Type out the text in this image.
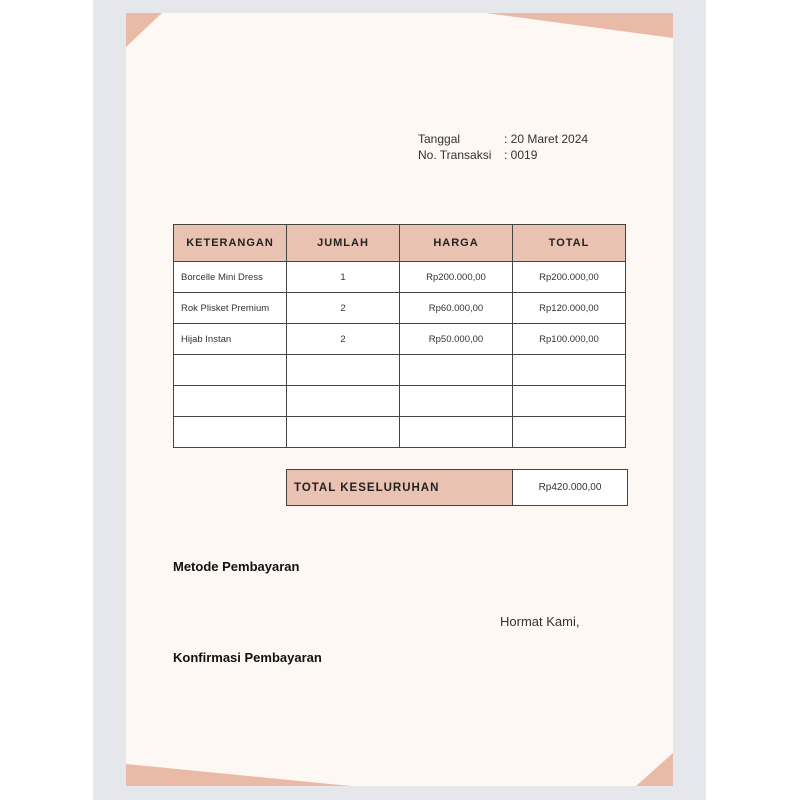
Tanggal	: 20 Maret 2024
No. Transaksi	: 0019
KETERANGAN	JUMLAH	HARGA	TOTAL
Borcelle Mini Dress	1	Rp200.000,00	Rp200.000,00
Rok Plisket Premium	2	Rp60.000,00	Rp120.000,00
Hijab Instan	2	Rp50.000,00	Rp100.000,00

TOTAL KESELURUHAN	Rp420.000,00
Metode Pembayaran
Hormat Kami,
Konfirmasi Pembayaran
